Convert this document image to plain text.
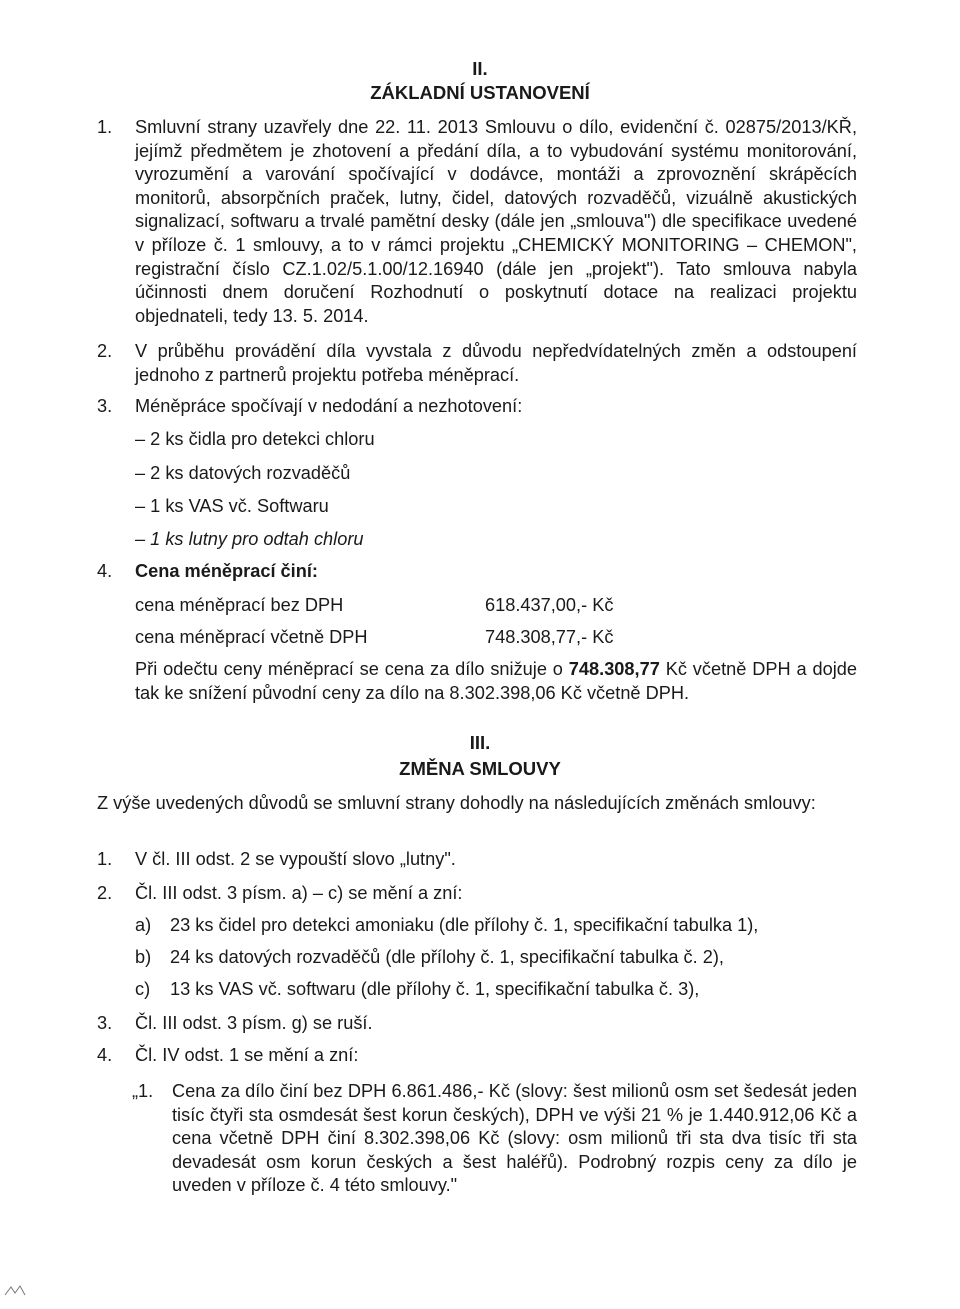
II.
ZÁKLADNÍ USTANOVENÍ
1. Smluvní strany uzavřely dne 22. 11. 2013 Smlouvu o dílo, evidenční č. 02875/2013/KŘ, jejímž předmětem je zhotovení a předání díla, a to vybudování systému monitorování, vyrozumění a varování spočívající v dodávce, montáži a zprovoznění skrápěcích monitorů, absorpčních praček, lutny, čidel, datových rozvaděčů, vizuálně akustických signalizací, softwaru a trvalé pamětní desky (dále jen „smlouva") dle specifikace uvedené v příloze č. 1 smlouvy, a to v rámci projektu „CHEMICKÝ MONITORING – CHEMON", registrační číslo CZ.1.02/5.1.00/12.16940 (dále jen „projekt"). Tato smlouva nabyla účinnosti dnem doručení Rozhodnutí o poskytnutí dotace na realizaci projektu objednateli, tedy 13. 5. 2014.
2. V průběhu provádění díla vyvstala z důvodu nepředvídatelných změn a odstoupení jednoho z partnerů projektu potřeba méněprací.
3. Méněpráce spočívají v nedodání a nezhotovení:
– 2 ks čidla pro detekci chloru
– 2 ks datových rozvaděčů
– 1 ks VAS vč. Softwaru
– 1 ks lutny pro odtah chloru
4. Cena méněprací činí:
cena méněprací bez DPH	618.437,00,- Kč
cena méněprací včetně DPH	748.308,77,- Kč
Při odečtu ceny méněprací se cena za dílo snižuje o 748.308,77 Kč včetně DPH a dojde tak ke snížení původní ceny za dílo na 8.302.398,06 Kč včetně DPH.
III.
ZMĚNA SMLOUVY
Z výše uvedených důvodů se smluvní strany dohodly na následujících změnách smlouvy:
1. V čl. III odst. 2 se vypouští slovo „lutny".
2. Čl. III odst. 3 písm. a) – c) se mění a zní:
a) 23 ks čidel pro detekci amoniaku (dle přílohy č. 1, specifikační tabulka 1),
b) 24 ks datových rozvaděčů (dle přílohy č. 1, specifikační tabulka č. 2),
c) 13 ks VAS vč. softwaru (dle přílohy č. 1, specifikační tabulka č. 3),
3. Čl. III odst. 3 písm. g) se ruší.
4. Čl. IV odst. 1 se mění a zní:
„1. Cena za dílo činí bez DPH 6.861.486,- Kč (slovy: šest milionů osm set šedesát jeden tisíc čtyři sta osmdesát šest korun českých), DPH ve výši 21 % je 1.440.912,06 Kč a cena včetně DPH činí 8.302.398,06 Kč (slovy: osm milionů tři sta dva tisíc tři sta devadesát osm korun českých a šest haléřů). Podrobný rozpis ceny za dílo je uveden v příloze č. 4 této smlouvy."
